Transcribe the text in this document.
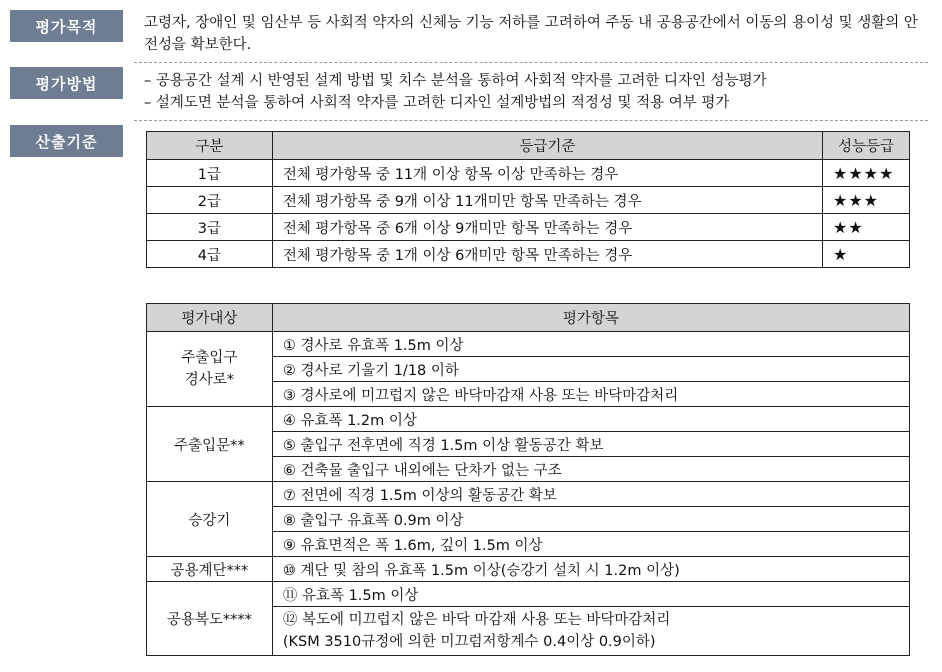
평가목적
평가방법
산출기준
고령자, 장애인 및 임산부 등 사회적 약자의 신체능 기능 저하를 고려하여 주동 내 공용공간에서 이동의 용이성 및 생활의 안전성을 확보한다.
– 공용공간 설계 시 반영된 설계 방법 및 치수 분석을 통하여 사회적 약자를 고려한 디자인 성능평가
– 설계도면 분석을 통하여 사회적 약자를 고려한 디자인 설계방법의 적정성 및 적용 여부 평가
구분	등급기준	성능등급
1급	전체 평가항목 중 11개 이상 항목 이상 만족하는 경우	★★★★
2급	전체 평가항목 중 9개 이상 11개미만 항목 만족하는 경우	★★★
3급	전체 평가항목 중 6개 이상 9개미만 항목 만족하는 경우	★★
4급	전체 평가항목 중 1개 이상 6개미만 항목 만족하는 경우	★
평가대상	평가항목
주출입구
경사로*	① 경사로 유효폭 1.5m 이상
	② 경사로 기울기 1/18 이하
	③ 경사로에 미끄럽지 않은 바닥마감재 사용 또는 바닥마감처리
주출입문**	④ 유효폭 1.2m 이상
	⑤ 출입구 전후면에 직경 1.5m 이상 활동공간 확보
	⑥ 건축물 출입구 내외에는 단차가 없는 구조
승강기	⑦ 전면에 직경 1.5m 이상의 활동공간 확보
	⑧ 출입구 유효폭 0.9m 이상
	⑨ 유효면적은 폭 1.6m, 깊이 1.5m 이상
공용계단***	⑩ 계단 및 참의 유효폭 1.5m 이상(승강기 설치 시 1.2m 이상)
공용복도****	⑪ 유효폭 1.5m 이상
	⑫ 복도에 미끄럽지 않은 바닥 마감재 사용 또는 바닥마감처리
(KSM 3510규정에 의한 미끄럼저항계수 0.4이상 0.9이하)
